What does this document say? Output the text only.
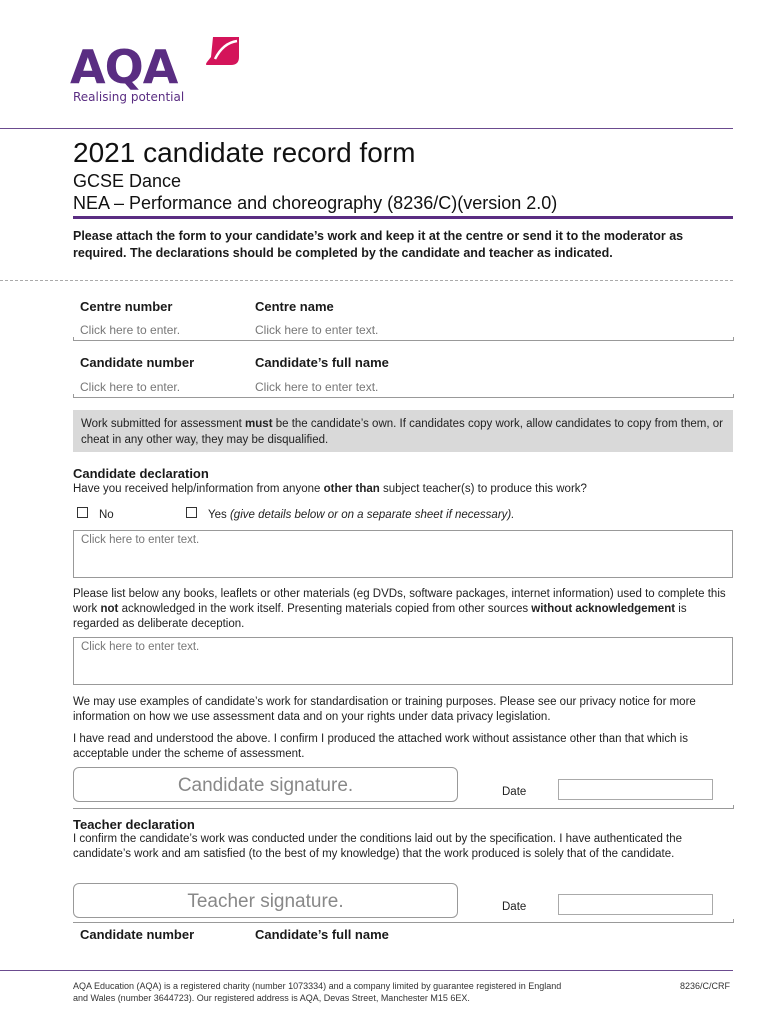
AQA
Realising potential
2021 candidate record form
GCSE Dance
NEA – Performance and choreography (8236/C)(version 2.0)
Please attach the form to your candidate’s work and keep it at the centre or send it to the moderator as required. The declarations should be completed by the candidate and teacher as indicated.
Centre number	Centre name
Click here to enter.	Click here to enter text.
Candidate number	Candidate’s full name
Click here to enter.	Click here to enter text.
Work submitted for assessment must be the candidate’s own. If candidates copy work, allow candidates to copy from them, or cheat in any other way, they may be disqualified.
Candidate declaration
Have you received help/information from anyone other than subject teacher(s) to produce this work?
No	Yes (give details below or on a separate sheet if necessary).
Click here to enter text.
Please list below any books, leaflets or other materials (eg DVDs, software packages, internet information) used to complete this work not acknowledged in the work itself. Presenting materials copied from other sources without acknowledgement is regarded as deliberate deception.
Click here to enter text.
We may use examples of candidate’s work for standardisation or training purposes. Please see our privacy notice for more information on how we use assessment data and on your rights under data privacy legislation.
I have read and understood the above. I confirm I produced the attached work without assistance other than that which is acceptable under the scheme of assessment.
Candidate signature.	Date
Teacher declaration
I confirm the candidate’s work was conducted under the conditions laid out by the specification. I have authenticated the candidate’s work and am satisfied (to the best of my knowledge) that the work produced is solely that of the candidate.
Teacher signature.	Date
Candidate number	Candidate’s full name
AQA Education (AQA) is a registered charity (number 1073334) and a company limited by guarantee registered in England
and Wales (number 3644723). Our registered address is AQA, Devas Street, Manchester M15 6EX.
8236/C/CRF
